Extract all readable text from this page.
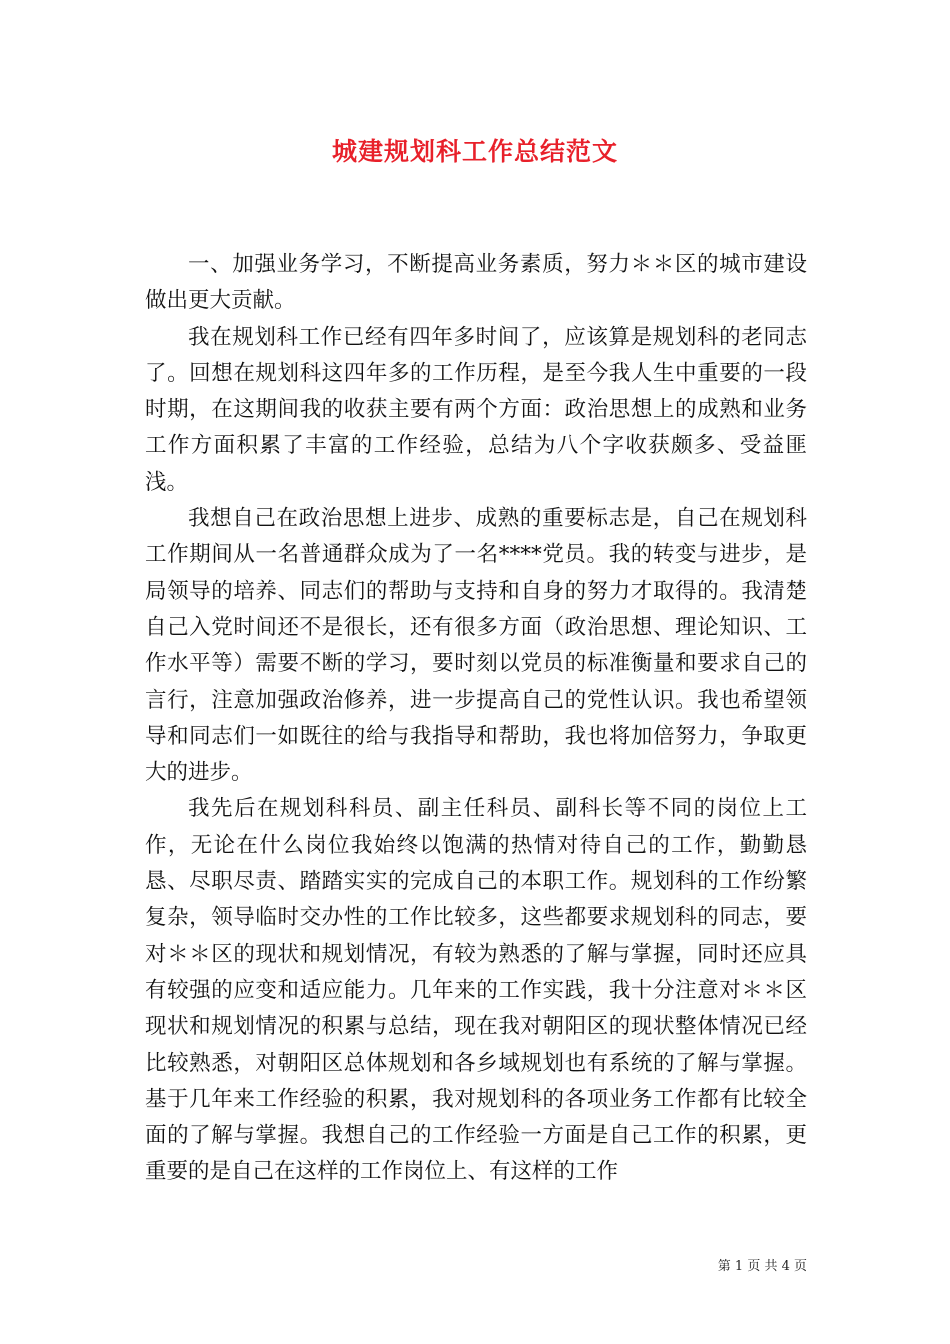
城建规划科工作总结范文

一、加强业务学习，不断提高业务素质，努力＊＊区的城市建设做出更大贡献。

我在规划科工作已经有四年多时间了，应该算是规划科的老同志了。回想在规划科这四年多的工作历程，是至今我人生中重要的一段时期，在这期间我的收获主要有两个方面：政治思想上的成熟和业务工作方面积累了丰富的工作经验，总结为八个字收获颇多、受益匪浅。

我想自己在政治思想上进步、成熟的重要标志是，自己在规划科工作期间从一名普通群众成为了一名****党员。我的转变与进步，是局领导的培养、同志们的帮助与支持和自身的努力才取得的。我清楚自己入党时间还不是很长，还有很多方面（政治思想、理论知识、工作水平等）需要不断的学习，要时刻以党员的标准衡量和要求自己的言行，注意加强政治修养，进一步提高自己的党性认识。我也希望领导和同志们一如既往的给与我指导和帮助，我也将加倍努力，争取更大的进步。

我先后在规划科科员、副主任科员、副科长等不同的岗位上工作，无论在什么岗位我始终以饱满的热情对待自己的工作，勤勤恳恳、尽职尽责、踏踏实实的完成自己的本职工作。规划科的工作纷繁复杂，领导临时交办性的工作比较多，这些都要求规划科的同志，要对＊＊区的现状和规划情况，有较为熟悉的了解与掌握，同时还应具有较强的应变和适应能力。几年来的工作实践，我十分注意对＊＊区现状和规划情况的积累与总结，现在我对朝阳区的现状整体情况已经比较熟悉，对朝阳区总体规划和各乡域规划也有系统的了解与掌握。基于几年来工作经验的积累，我对规划科的各项业务工作都有比较全面的了解与掌握。我想自己的工作经验一方面是自己工作的积累，更重要的是自己在这样的工作岗位上、有这样的工作

第 1 页 共 4 页
